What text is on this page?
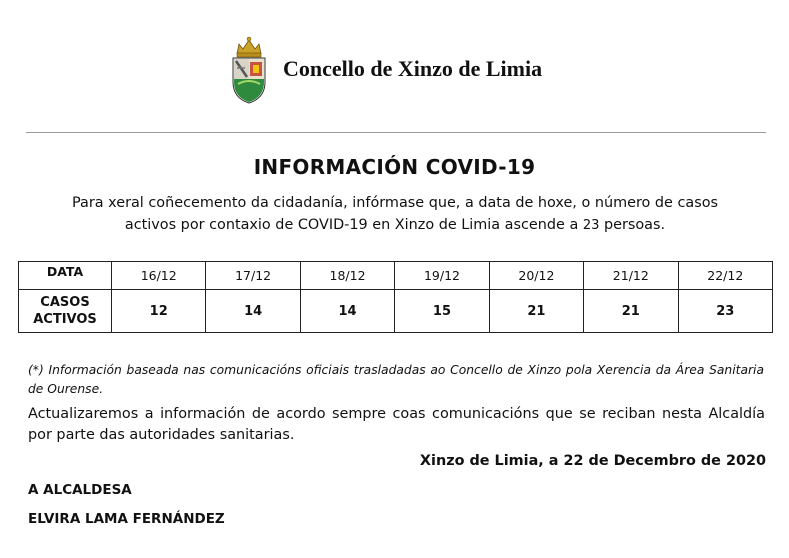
Concello de Xinzo de Limia
INFORMACIÓN COVID-19
Para xeral coñecemento da cidadanía, infórmase que, a data de hoxe, o número de casos
activos por contaxio de COVID-19 en Xinzo de Limia ascende a 23 persoas.
DATA	16/12	17/12	18/12	19/12	20/12	21/12	22/12
CASOS
ACTIVOS	12	14	14	15	21	21	23
(*) Información baseada nas comunicacións oficiais trasladadas ao Concello de Xinzo pola Xerencia da Área Sanitaria de Ourense.
Actualizaremos a información de acordo sempre coas comunicacións que se reciban nesta Alcaldía por parte das autoridades sanitarias.
Xinzo de Limia, a 22 de Decembro de 2020
A ALCALDESA
ELVIRA LAMA FERNÁNDEZ
